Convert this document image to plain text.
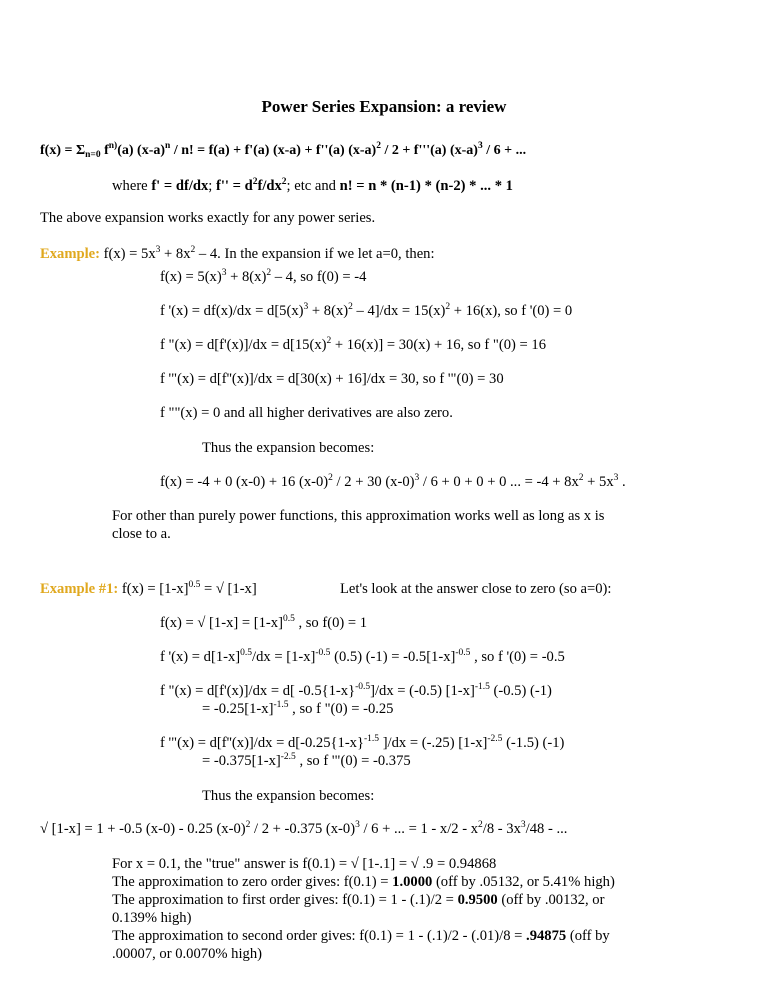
Power Series Expansion: a review
$f(x) = \Sigma_{n=0}$ $f^{n)}(a)$ $(x-a)^n$ / n! = f(a) + f'(a) (x-a) + f''(a) $(x-a)^2 / 2 + f'''(a)$ $(x-a)^3 / 6$ + ...
where f' = df/dx; $f'' = d^2f/dx^2$; etc and n! = n * (n-1) * (n-2) * ... * 1
The above expansion works exactly for any power series.
Example: $f(x) = 5x^3 + 8x^2 - 4$. In the expansion if we let a=0, then:
$f(x) = 5(x)^3 + 8(x)^2 - 4$, so f(0) = -4
f '$(x) = df(x)/dx = d[5(x)^3 + 8(x)^2 - 4]/dx = 15(x)^2 + 16(x)$, so f '(0) = 0
f "$(x) = d[f'(x)]/dx = d[15(x)^2 + 16(x)] = 30(x) + 16$, so f "(0) = 16
f '"(x) = d[f''(x)]/dx = d[30(x) + 16]/dx = 30, so f '"(0) = 30
f ""(x) = 0 and all higher derivatives are also zero.
Thus the expansion becomes:
f(x) = -4 + 0 (x-0) + 16 $(x-0)^2 / 2 + 30$ $(x-0)^3 / 6 + 0 + 0 + 0$ ... = $-4 + 8x^2 + 5x^3$ .
For other than purely power functions, this approximation works well as long as x is
close to a.
Example #1: $f(x) = [1-x]^{0.5}$ = √ [1-x]	Let's look at the answer close to zero (so a=0):
f(x) = √ $[1-x] = [1-x]^{0.5}$ , so f(0) = 1
f '$(x) = d[1-x]^{0.5}/dx = [1-x]^{-0.5}$ (0.5) $(-1) = -0.5[1-x]^{-0.5}$ , so f '(0) = -0.5
f "(x) = d[f'(x)]/dx = d[ $-0.5\{1-x\}^{-0.5}]/dx = (-0.5)$ $[1-x]^{-1.5}$ (-0.5) (-1)
= $-0.25[1-x]^{-1.5}$ , so f "(0) = -0.25
f '"$(x) = d[f''(x)]/dx = d[-0.25\{1-x\}^{-1.5}$ ]/dx = (-.25) $[1-x]^{-2.5}$ (-1.5) (-1)
= $-0.375[1-x]^{-2.5}$ , so f '"(0) = -0.375
Thus the expansion becomes:
√ [1-x] = 1 + -0.5 (x-0) - 0.25 $(x-0)^2 / 2 + -0.375$ $(x-0)^3 / 6$ + ... = $1 - x/2 - x^2/8 - 3x^3/48$ - ...
For x = 0.1, the "true" answer is f(0.1) = √ [1-.1] = √ .9 = 0.94868
The approximation to zero order gives: f(0.1) = 1.0000 (off by .05132, or 5.41% high)
The approximation to first order gives: f(0.1) = 1 - (.1)/2 = 0.9500 (off by .00132, or
0.139% high)
The approximation to second order gives: f(0.1) = 1 - (.1)/2 - (.01)/8 = .94875 (off by
.00007, or 0.0070% high)
